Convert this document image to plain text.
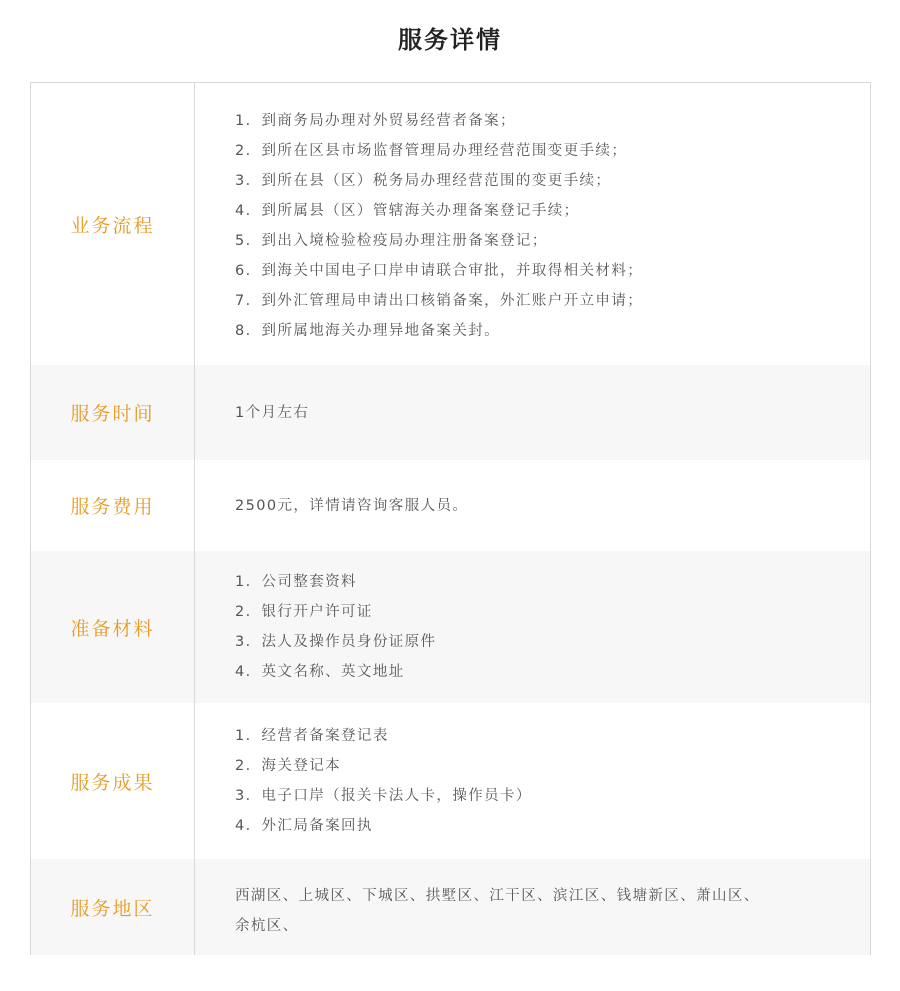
服务详情
业务流程
1．到商务局办理对外贸易经营者备案；
2．到所在区县市场监督管理局办理经营范围变更手续；
3．到所在县（区）税务局办理经营范围的变更手续；
4．到所属县（区）管辖海关办理备案登记手续；
5．到出入境检验检疫局办理注册备案登记；
6．到海关中国电子口岸申请联合审批，并取得相关材料；
7．到外汇管理局申请出口核销备案，外汇账户开立申请；
8．到所属地海关办理异地备案关封。
服务时间	1个月左右
服务费用	2500元，详情请咨询客服人员。
准备材料
1．公司整套资料
2．银行开户许可证
3．法人及操作员身份证原件
4．英文名称、英文地址
服务成果
1．经营者备案登记表
2．海关登记本
3．电子口岸（报关卡法人卡，操作员卡）
4．外汇局备案回执
服务地区
西湖区、上城区、下城区、拱墅区、江干区、滨江区、钱塘新区、萧山区、
余杭区、
